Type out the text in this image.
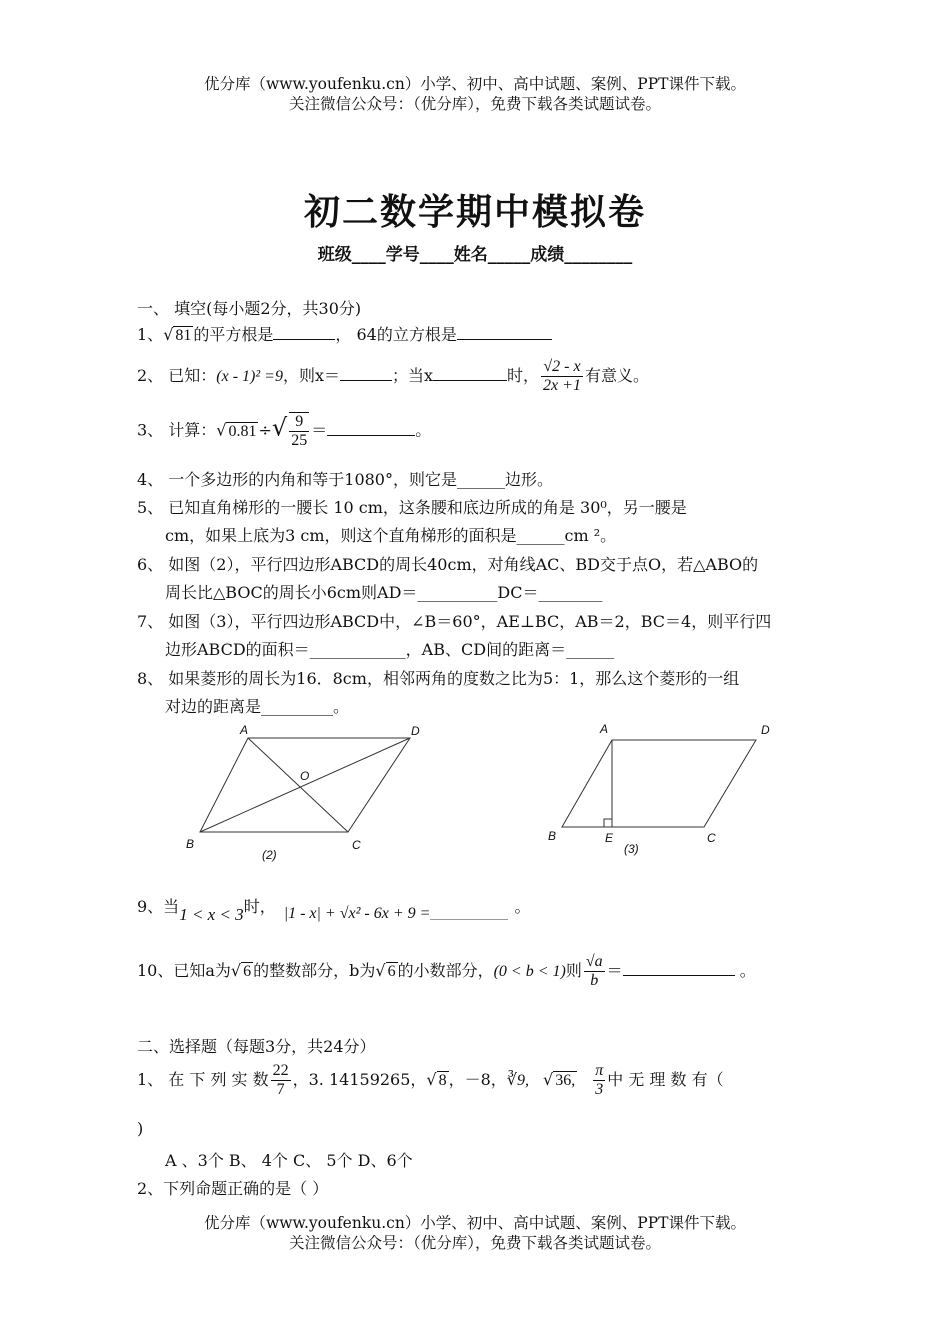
优分库（www.youfenku.cn）小学、初中、高中试题、案例、PPT课件下载。
关注微信公众号：（优分库），免费下载各类试题试卷。
初二数学期中模拟卷
班级____学号____姓名_____成绩________
一、 填空(每小题2分，共30分)
1、√ 81 的平方根是	， 64的立方根是
2、 已知：(x - 1)² =9，则x＝	；当x	时， $\frac{√2 - x}{2x +1}$ 有意义。
3、 计算：√ 0.81 ÷√ $\frac{9}{25}$ ＝	。
4、 一个多边形的内角和等于1080°，则它是______边形。
5、 已知直角梯形的一腰长 10 cm，这条腰和底边所成的角是 30⁰，另一腰是
cm，如果上底为3 cm，则这个直角梯形的面积是______cm ²。
6、 如图（2），平行四边形ABCD的周长40cm，对角线AC、BD交于点O，若△ABO的
周长比△BOC的周长小6cm则AD＝__________DC＝________
7、 如图（3），平行四边形ABCD中，∠B＝60°，AE⊥BC，AB＝2，BC＝4，则平行四
边形ABCD的面积＝____________，AB、CD间的距离＝______
8、 如果菱形的周长为16．8cm，相邻两角的度数之比为5：1，那么这个菱形的一组
对边的距离是_________。
A	D
O
B	C
(2)
A	D
B	E	C
(3)
9、当1 < x < 3时， |1 - x| + √x² - 6x + 9 =	。
10、已知a为√ 6 的整数部分，b为√ 6 的小数部分，(0 < b < 1)则 $\frac{√a}{b}$ ＝	。
二、选择题（每题3分，共24分）
1、 在 下 列 实 数 $\frac{22}{7}$ ，3. 14159265，√ 8 ，－8，∛9, √ 36, $\frac{\pi}{3}$ 中 无 理 数 有（
)
A 、3个 B、 4个 C、 5个 D、6个
2、下列命题正确的是（ ）
优分库（www.youfenku.cn）小学、初中、高中试题、案例、PPT课件下载。
关注微信公众号：（优分库），免费下载各类试题试卷。
